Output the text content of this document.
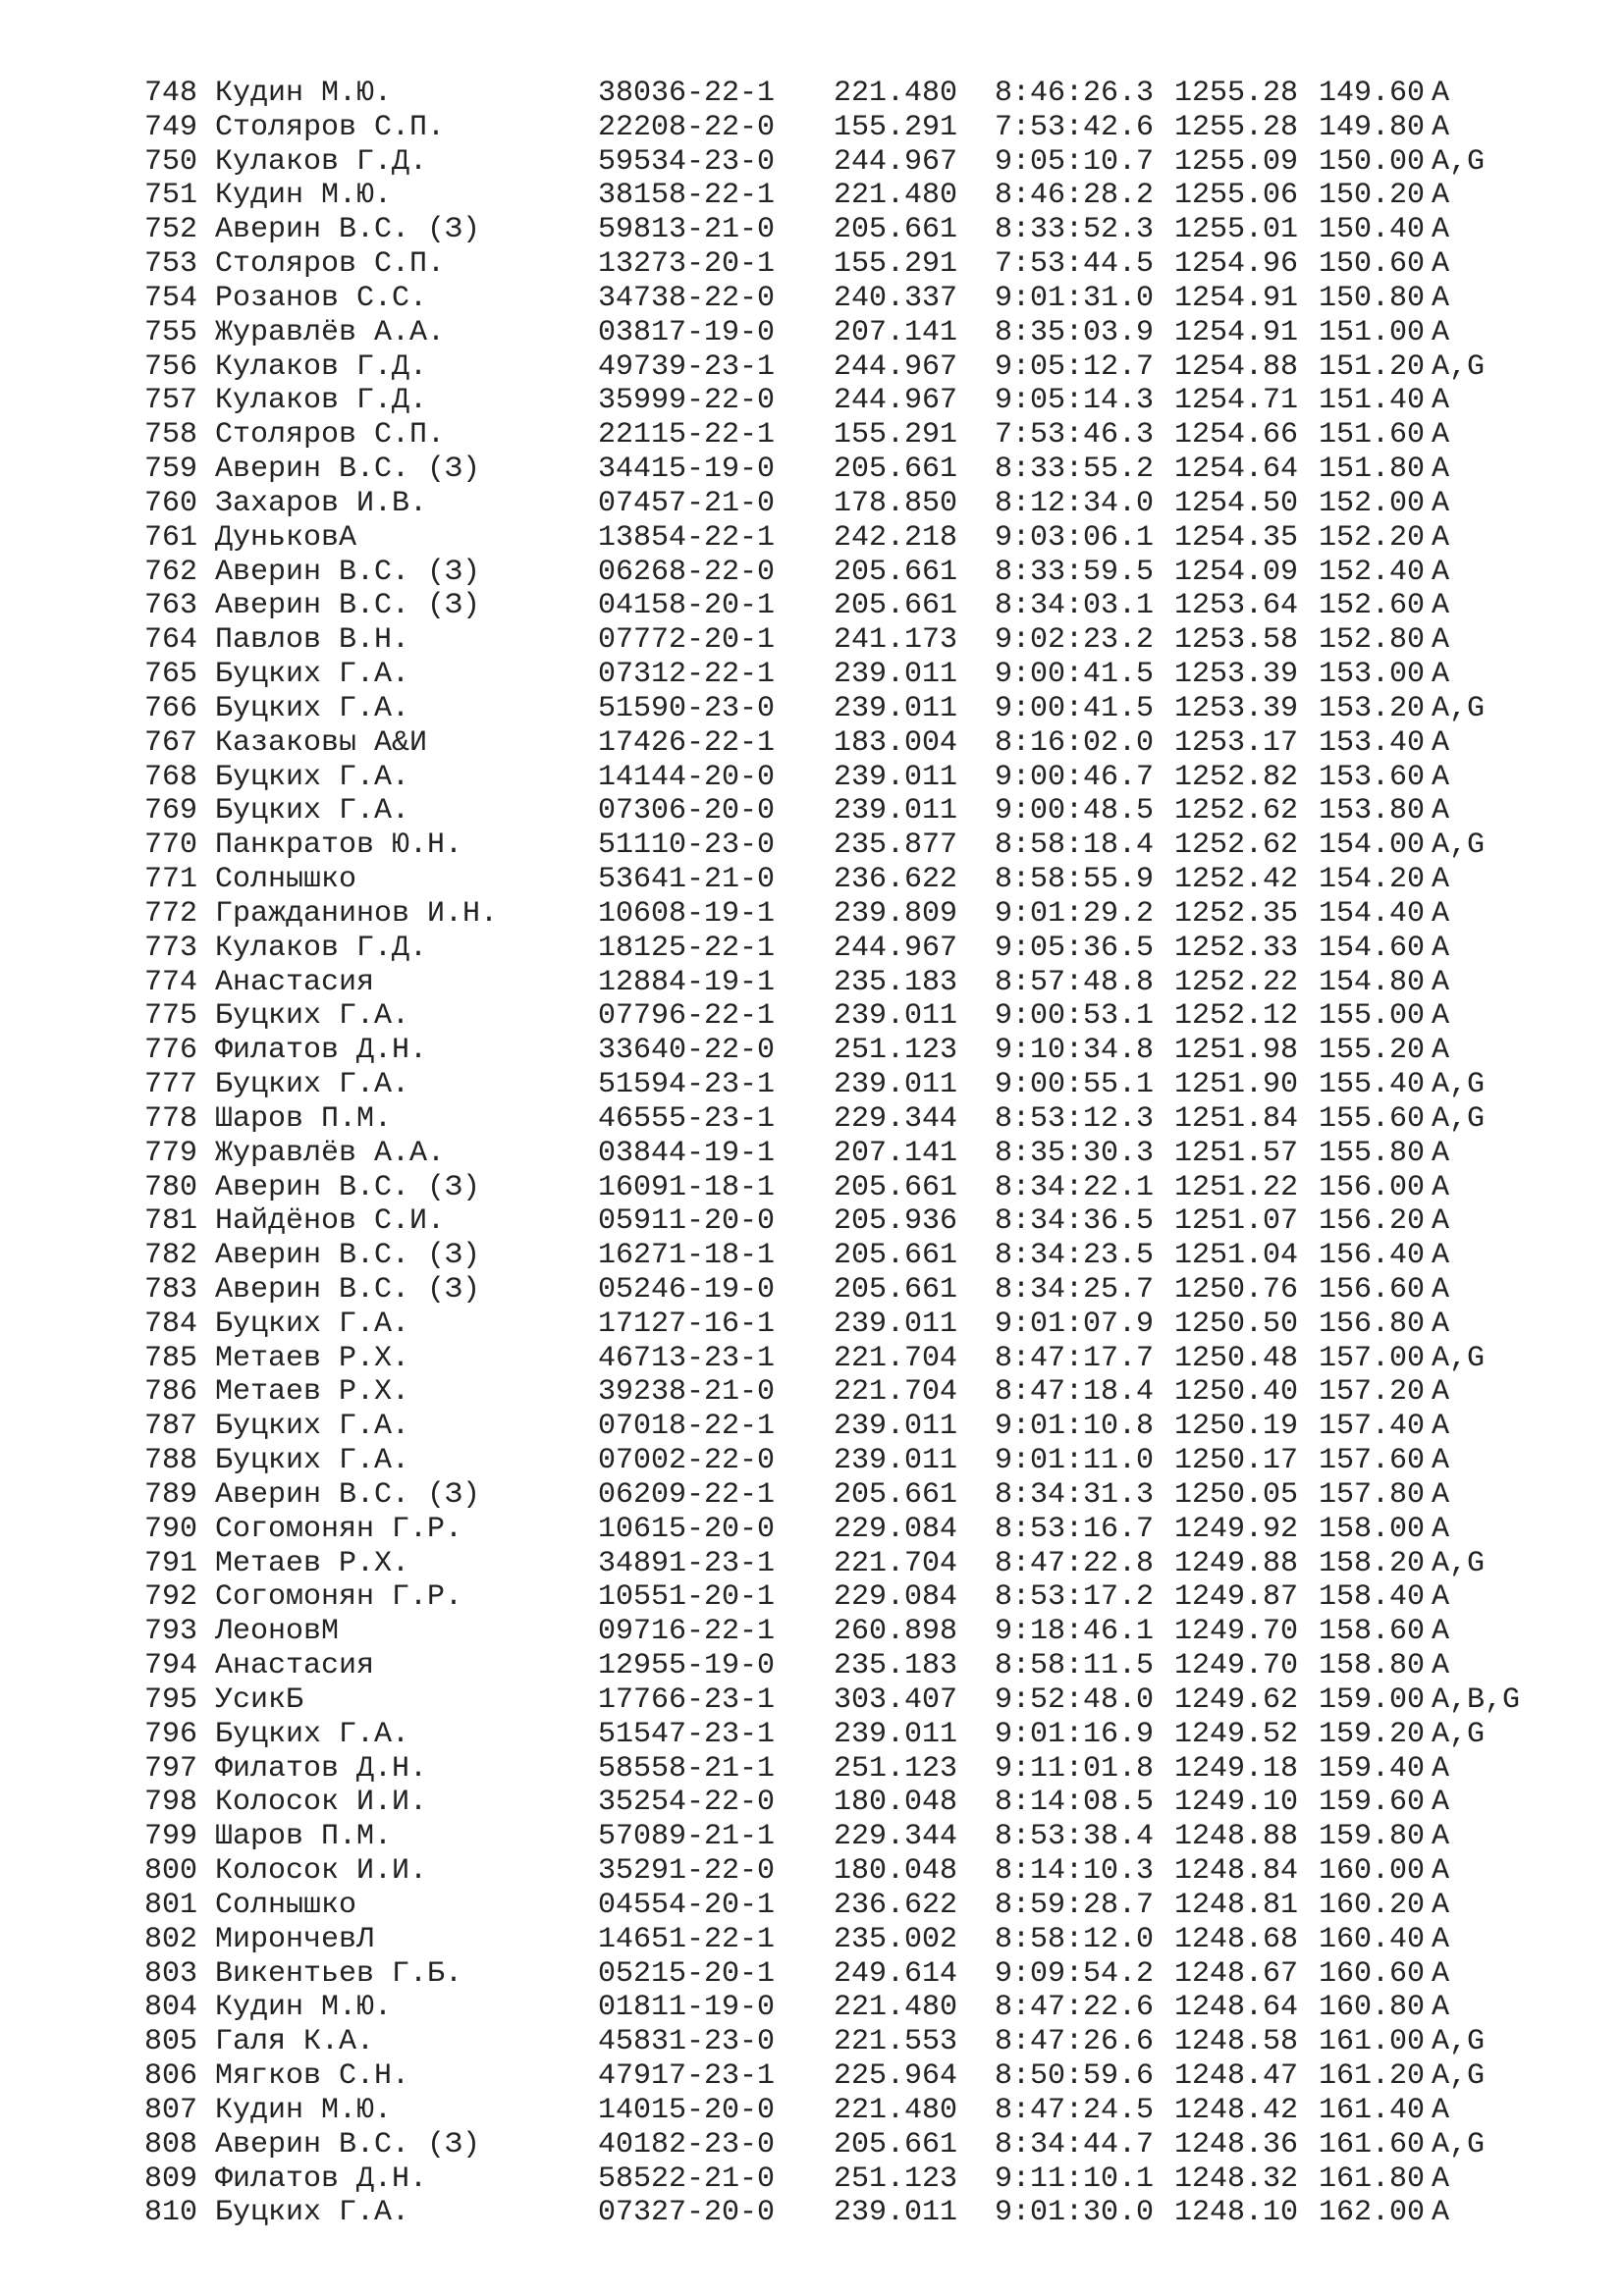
748 Кудин М.Ю.	38036-22-1 221.480 8:46:26.3 1255.28 149.60 A
749 Столяров С.П.	22208-22-0 155.291 7:53:42.6 1255.28 149.80 A
750 Кулаков Г.Д.	59534-23-0 244.967 9:05:10.7 1255.09 150.00 A,G
751 Кудин М.Ю.	38158-22-1 221.480 8:46:28.2 1255.06 150.20 A
752 Аверин В.С. (З)	59813-21-0 205.661 8:33:52.3 1255.01 150.40 A
753 Столяров С.П.	13273-20-1 155.291 7:53:44.5 1254.96 150.60 A
754 Розанов С.С.	34738-22-0 240.337 9:01:31.0 1254.91 150.80 A
755 Журавлёв А.А.	03817-19-0 207.141 8:35:03.9 1254.91 151.00 A
756 Кулаков Г.Д.	49739-23-1 244.967 9:05:12.7 1254.88 151.20 A,G
757 Кулаков Г.Д.	35999-22-0 244.967 9:05:14.3 1254.71 151.40 A
758 Столяров С.П.	22115-22-1 155.291 7:53:46.3 1254.66 151.60 A
759 Аверин В.С. (З)	34415-19-0 205.661 8:33:55.2 1254.64 151.80 A
760 Захаров И.В.	07457-21-0 178.850 8:12:34.0 1254.50 152.00 A
761 ДуньковА	13854-22-1 242.218 9:03:06.1 1254.35 152.20 A
762 Аверин В.С. (З)	06268-22-0 205.661 8:33:59.5 1254.09 152.40 A
763 Аверин В.С. (З)	04158-20-1 205.661 8:34:03.1 1253.64 152.60 A
764 Павлов В.Н.	07772-20-1 241.173 9:02:23.2 1253.58 152.80 A
765 Буцких Г.А.	07312-22-1 239.011 9:00:41.5 1253.39 153.00 A
766 Буцких Г.А.	51590-23-0 239.011 9:00:41.5 1253.39 153.20 A,G
767 Казаковы А&И	17426-22-1 183.004 8:16:02.0 1253.17 153.40 A
768 Буцких Г.А.	14144-20-0 239.011 9:00:46.7 1252.82 153.60 A
769 Буцких Г.А.	07306-20-0 239.011 9:00:48.5 1252.62 153.80 A
770 Панкратов Ю.Н.	51110-23-0 235.877 8:58:18.4 1252.62 154.00 A,G
771 Солнышко	53641-21-0 236.622 8:58:55.9 1252.42 154.20 A
772 Гражданинов И.Н.	10608-19-1 239.809 9:01:29.2 1252.35 154.40 A
773 Кулаков Г.Д.	18125-22-1 244.967 9:05:36.5 1252.33 154.60 A
774 Анастасия	12884-19-1 235.183 8:57:48.8 1252.22 154.80 A
775 Буцких Г.А.	07796-22-1 239.011 9:00:53.1 1252.12 155.00 A
776 Филатов Д.Н.	33640-22-0 251.123 9:10:34.8 1251.98 155.20 A
777 Буцких Г.А.	51594-23-1 239.011 9:00:55.1 1251.90 155.40 A,G
778 Шаров П.М.	46555-23-1 229.344 8:53:12.3 1251.84 155.60 A,G
779 Журавлёв А.А.	03844-19-1 207.141 8:35:30.3 1251.57 155.80 A
780 Аверин В.С. (З)	16091-18-1 205.661 8:34:22.1 1251.22 156.00 A
781 Найдёнов С.И.	05911-20-0 205.936 8:34:36.5 1251.07 156.20 A
782 Аверин В.С. (З)	16271-18-1 205.661 8:34:23.5 1251.04 156.40 A
783 Аверин В.С. (З)	05246-19-0 205.661 8:34:25.7 1250.76 156.60 A
784 Буцких Г.А.	17127-16-1 239.011 9:01:07.9 1250.50 156.80 A
785 Метаев Р.Х.	46713-23-1 221.704 8:47:17.7 1250.48 157.00 A,G
786 Метаев Р.Х.	39238-21-0 221.704 8:47:18.4 1250.40 157.20 A
787 Буцких Г.А.	07018-22-1 239.011 9:01:10.8 1250.19 157.40 A
788 Буцких Г.А.	07002-22-0 239.011 9:01:11.0 1250.17 157.60 A
789 Аверин В.С. (З)	06209-22-1 205.661 8:34:31.3 1250.05 157.80 A
790 Согомонян Г.Р.	10615-20-0 229.084 8:53:16.7 1249.92 158.00 A
791 Метаев Р.Х.	34891-23-1 221.704 8:47:22.8 1249.88 158.20 A,G
792 Согомонян Г.Р.	10551-20-1 229.084 8:53:17.2 1249.87 158.40 A
793 ЛеоновМ	09716-22-1 260.898 9:18:46.1 1249.70 158.60 A
794 Анастасия	12955-19-0 235.183 8:58:11.5 1249.70 158.80 A
795 УсикБ	17766-23-1 303.407 9:52:48.0 1249.62 159.00 A,B,G
796 Буцких Г.А.	51547-23-1 239.011 9:01:16.9 1249.52 159.20 A,G
797 Филатов Д.Н.	58558-21-1 251.123 9:11:01.8 1249.18 159.40 A
798 Колосок И.И.	35254-22-0 180.048 8:14:08.5 1249.10 159.60 A
799 Шаров П.М.	57089-21-1 229.344 8:53:38.4 1248.88 159.80 A
800 Колосок И.И.	35291-22-0 180.048 8:14:10.3 1248.84 160.00 A
801 Солнышко	04554-20-1 236.622 8:59:28.7 1248.81 160.20 A
802 МирончевЛ	14651-22-1 235.002 8:58:12.0 1248.68 160.40 A
803 Викентьев Г.Б.	05215-20-1 249.614 9:09:54.2 1248.67 160.60 A
804 Кудин М.Ю.	01811-19-0 221.480 8:47:22.6 1248.64 160.80 A
805 Галя К.А.	45831-23-0 221.553 8:47:26.6 1248.58 161.00 A,G
806 Мягков С.Н.	47917-23-1 225.964 8:50:59.6 1248.47 161.20 A,G
807 Кудин М.Ю.	14015-20-0 221.480 8:47:24.5 1248.42 161.40 A
808 Аверин В.С. (З)	40182-23-0 205.661 8:34:44.7 1248.36 161.60 A,G
809 Филатов Д.Н.	58522-21-0 251.123 9:11:10.1 1248.32 161.80 A
810 Буцких Г.А.	07327-20-0 239.011 9:01:30.0 1248.10 162.00 A
